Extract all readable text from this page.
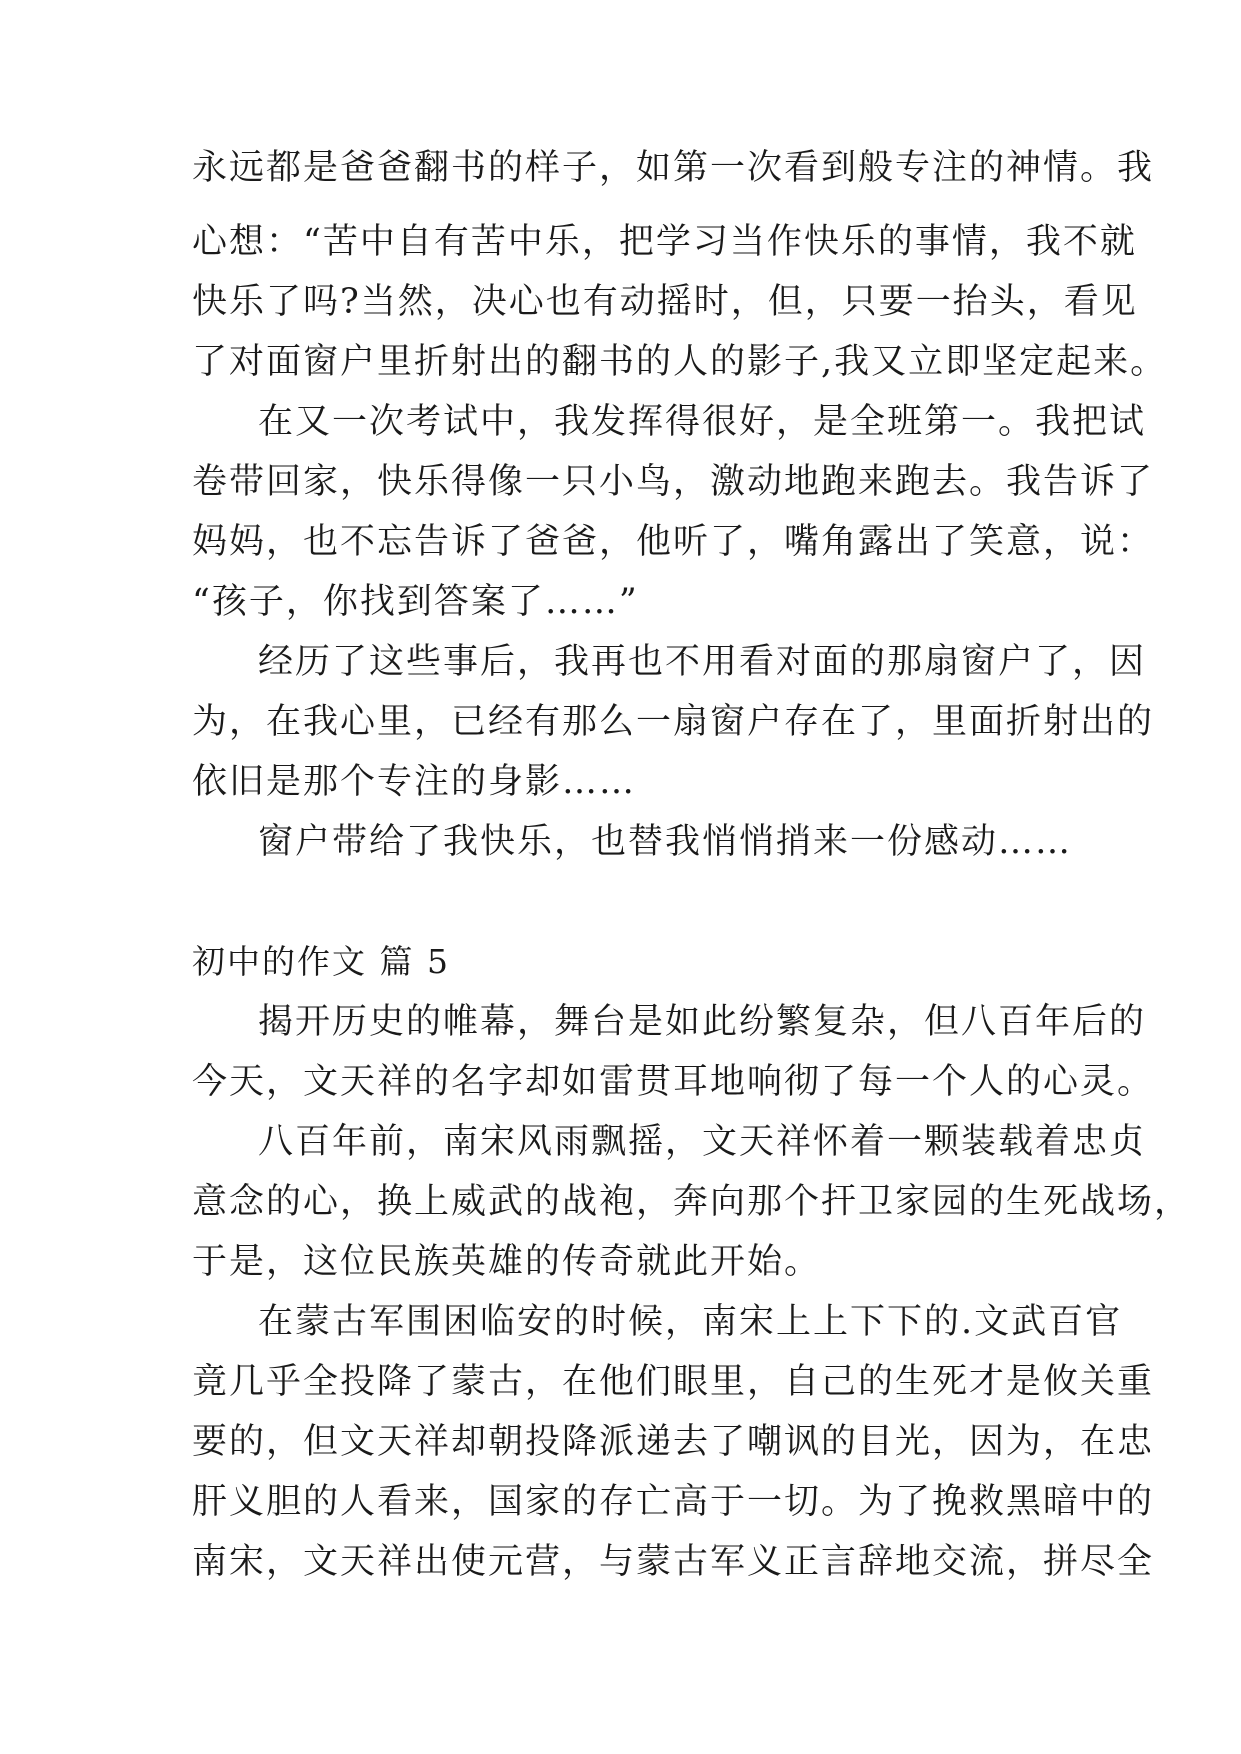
永远都是爸爸翻书的样子，如第一次看到般专注的神情。我
心想：“苦中自有苦中乐，把学习当作快乐的事情，我不就
快乐了吗?当然，决心也有动摇时，但，只要一抬头，看见
了对面窗户里折射出的翻书的人的影子,我又立即坚定起来。
在又一次考试中，我发挥得很好，是全班第一。我把试
卷带回家，快乐得像一只小鸟，激动地跑来跑去。我告诉了
妈妈，也不忘告诉了爸爸，他听了，嘴角露出了笑意，说：
“孩子，你找到答案了……”
经历了这些事后，我再也不用看对面的那扇窗户了，因
为，在我心里，已经有那么一扇窗户存在了，里面折射出的
依旧是那个专注的身影……
窗户带给了我快乐，也替我悄悄捎来一份感动……
初中的作文 篇 5
揭开历史的帷幕，舞台是如此纷繁复杂，但八百年后的
今天，文天祥的名字却如雷贯耳地响彻了每一个人的心灵。
八百年前，南宋风雨飘摇，文天祥怀着一颗装载着忠贞
意念的心，换上威武的战袍，奔向那个扞卫家园的生死战场，
于是，这位民族英雄的传奇就此开始。
在蒙古军围困临安的时候，南宋上上下下的.文武百官
竟几乎全投降了蒙古，在他们眼里，自己的生死才是攸关重
要的，但文天祥却朝投降派递去了嘲讽的目光，因为，在忠
肝义胆的人看来，国家的存亡高于一切。为了挽救黑暗中的
南宋，文天祥出使元营，与蒙古军义正言辞地交流，拼尽全
